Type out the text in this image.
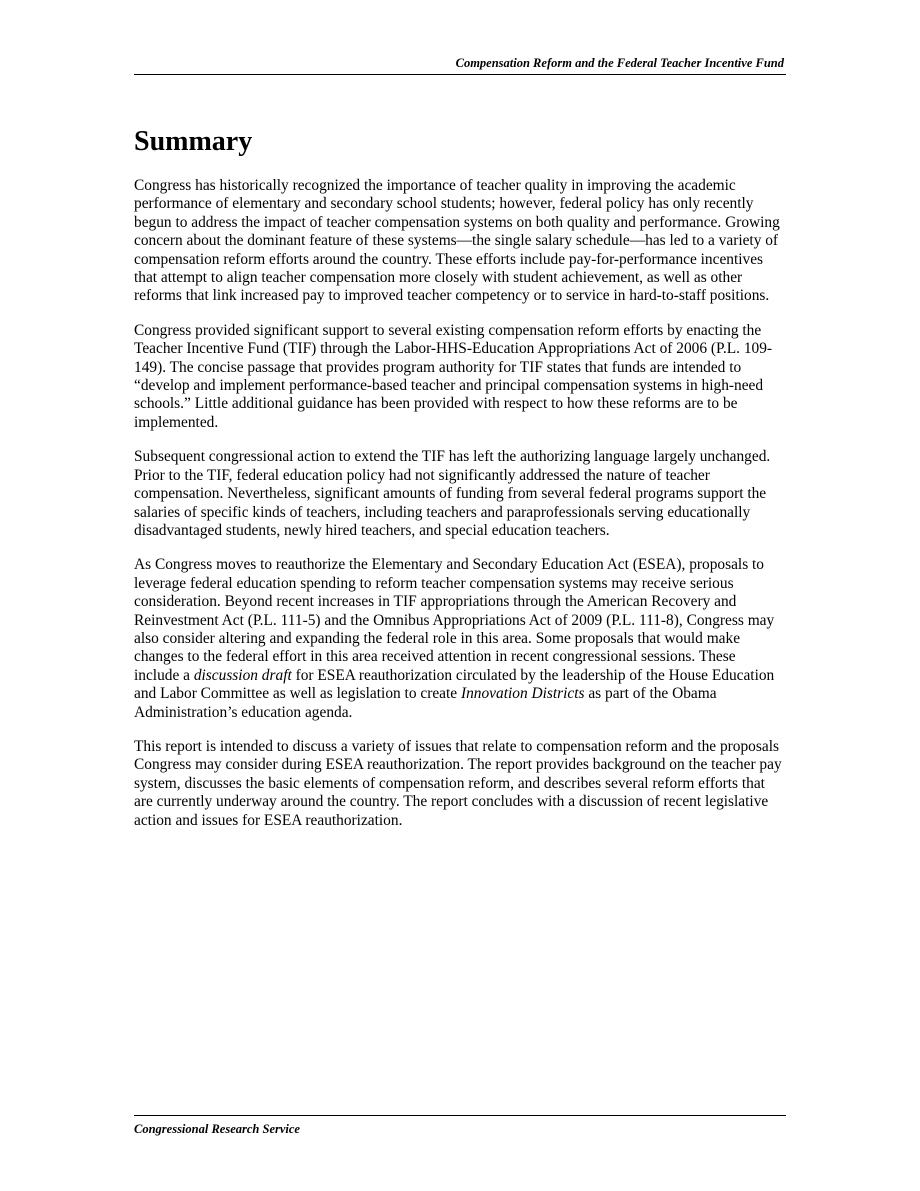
Compensation Reform and the Federal Teacher Incentive Fund
Summary

Congress has historically recognized the importance of teacher quality in improving the academic performance of elementary and secondary school students; however, federal policy has only recently begun to address the impact of teacher compensation systems on both quality and performance. Growing concern about the dominant feature of these systems—the single salary schedule—has led to a variety of compensation reform efforts around the country. These efforts include pay-for-performance incentives that attempt to align teacher compensation more closely with student achievement, as well as other reforms that link increased pay to improved teacher competency or to service in hard-to-staff positions.

Congress provided significant support to several existing compensation reform efforts by enacting the Teacher Incentive Fund (TIF) through the Labor-HHS-Education Appropriations Act of 2006 (P.L. 109-149). The concise passage that provides program authority for TIF states that funds are intended to “develop and implement performance-based teacher and principal compensation systems in high-need schools.” Little additional guidance has been provided with respect to how these reforms are to be implemented.

Subsequent congressional action to extend the TIF has left the authorizing language largely unchanged. Prior to the TIF, federal education policy had not significantly addressed the nature of teacher compensation. Nevertheless, significant amounts of funding from several federal programs support the salaries of specific kinds of teachers, including teachers and paraprofessionals serving educationally disadvantaged students, newly hired teachers, and special education teachers.

As Congress moves to reauthorize the Elementary and Secondary Education Act (ESEA), proposals to leverage federal education spending to reform teacher compensation systems may receive serious consideration. Beyond recent increases in TIF appropriations through the American Recovery and Reinvestment Act (P.L. 111-5) and the Omnibus Appropriations Act of 2009 (P.L. 111-8), Congress may also consider altering and expanding the federal role in this area. Some proposals that would make changes to the federal effort in this area received attention in recent congressional sessions. These include a discussion draft for ESEA reauthorization circulated by the leadership of the House Education and Labor Committee as well as legislation to create Innovation Districts as part of the Obama Administration’s education agenda.

This report is intended to discuss a variety of issues that relate to compensation reform and the proposals Congress may consider during ESEA reauthorization. The report provides background on the teacher pay system, discusses the basic elements of compensation reform, and describes several reform efforts that are currently underway around the country. The report concludes with a discussion of recent legislative action and issues for ESEA reauthorization.

Congressional Research Service
